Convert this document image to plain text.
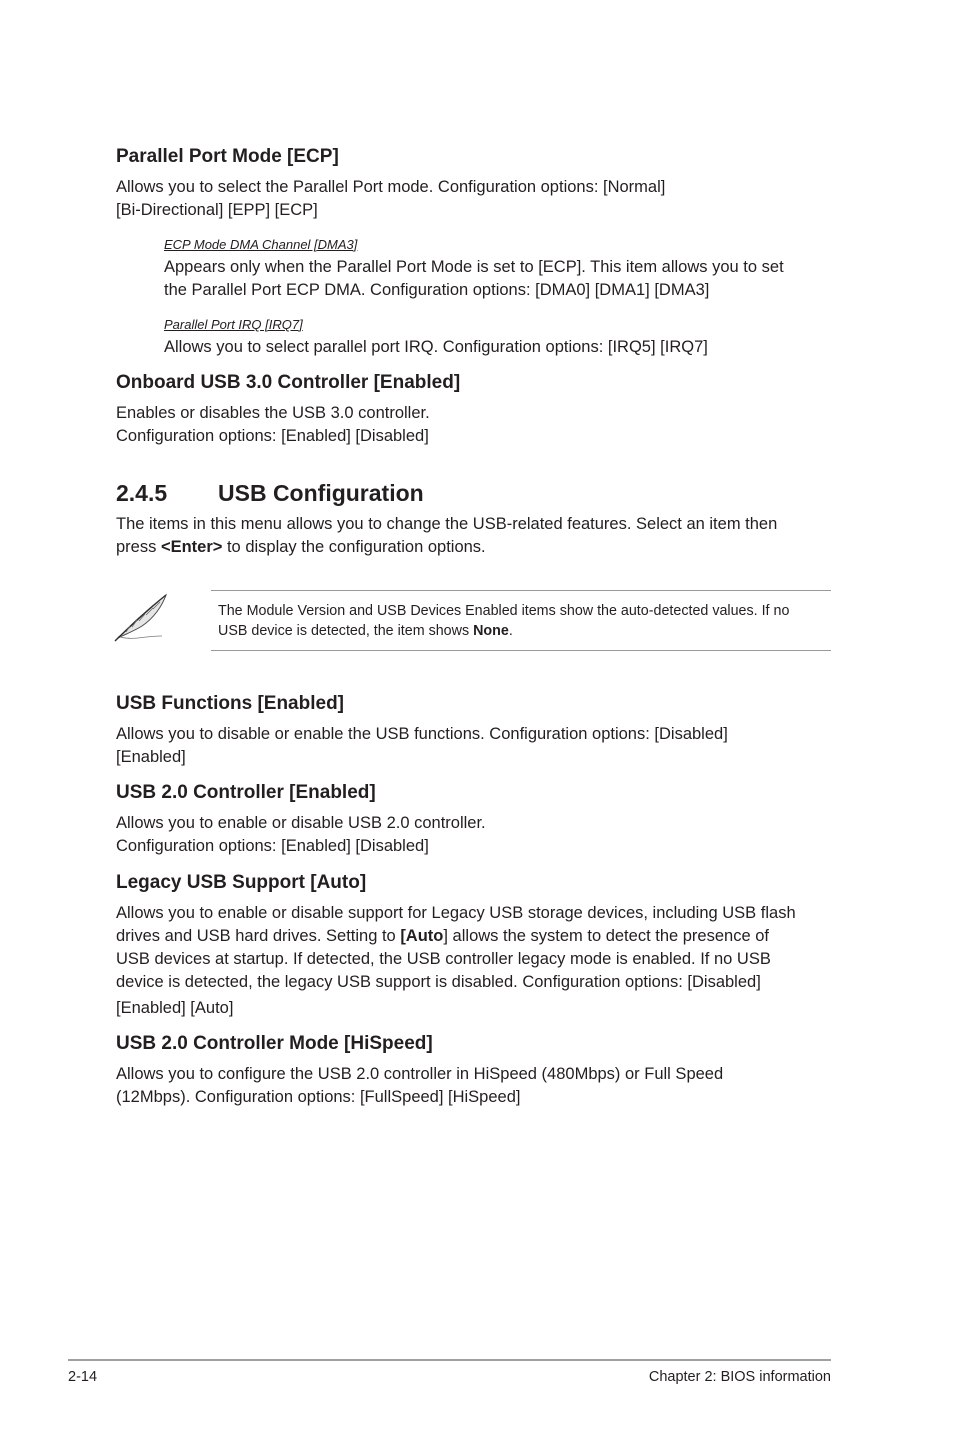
Parallel Port Mode [ECP]

Allows you to select the Parallel Port mode. Configuration options: [Normal]

[Bi-Directional] [EPP] [ECP]

ECP Mode DMA Channel [DMA3]

Appears only when the Parallel Port Mode is set to [ECP]. This item allows you to set

the Parallel Port ECP DMA. Configuration options: [DMA0] [DMA1] [DMA3]

Parallel Port IRQ [IRQ7]

Allows you to select parallel port IRQ. Configuration options: [IRQ5] [IRQ7]

Onboard USB 3.0 Controller [Enabled]

Enables or disables the USB 3.0 controller.

Configuration options: [Enabled] [Disabled]

2.4.5 USB Configuration

The items in this menu allows you to change the USB-related features. Select an item then

press <Enter> to display the configuration options.

The Module Version and USB Devices Enabled items show the auto-detected values. If no
USB device is detected, the item shows None.
USB Functions [Enabled]

Allows you to disable or enable the USB functions. Configuration options: [Disabled]

[Enabled]

USB 2.0 Controller [Enabled]

Allows you to enable or disable USB 2.0 controller.

Configuration options: [Enabled] [Disabled]

Legacy USB Support [Auto]

Allows you to enable or disable support for Legacy USB storage devices, including USB flash

drives and USB hard drives. Setting to [Auto] allows the system to detect the presence of

USB devices at startup. If detected, the USB controller legacy mode is enabled. If no USB

device is detected, the legacy USB support is disabled. Configuration options: [Disabled]

[Enabled] [Auto]

USB 2.0 Controller Mode [HiSpeed]

Allows you to configure the USB 2.0 controller in HiSpeed (480Mbps) or Full Speed

(12Mbps). Configuration options: [FullSpeed] [HiSpeed]

2-14	Chapter 2: BIOS information
